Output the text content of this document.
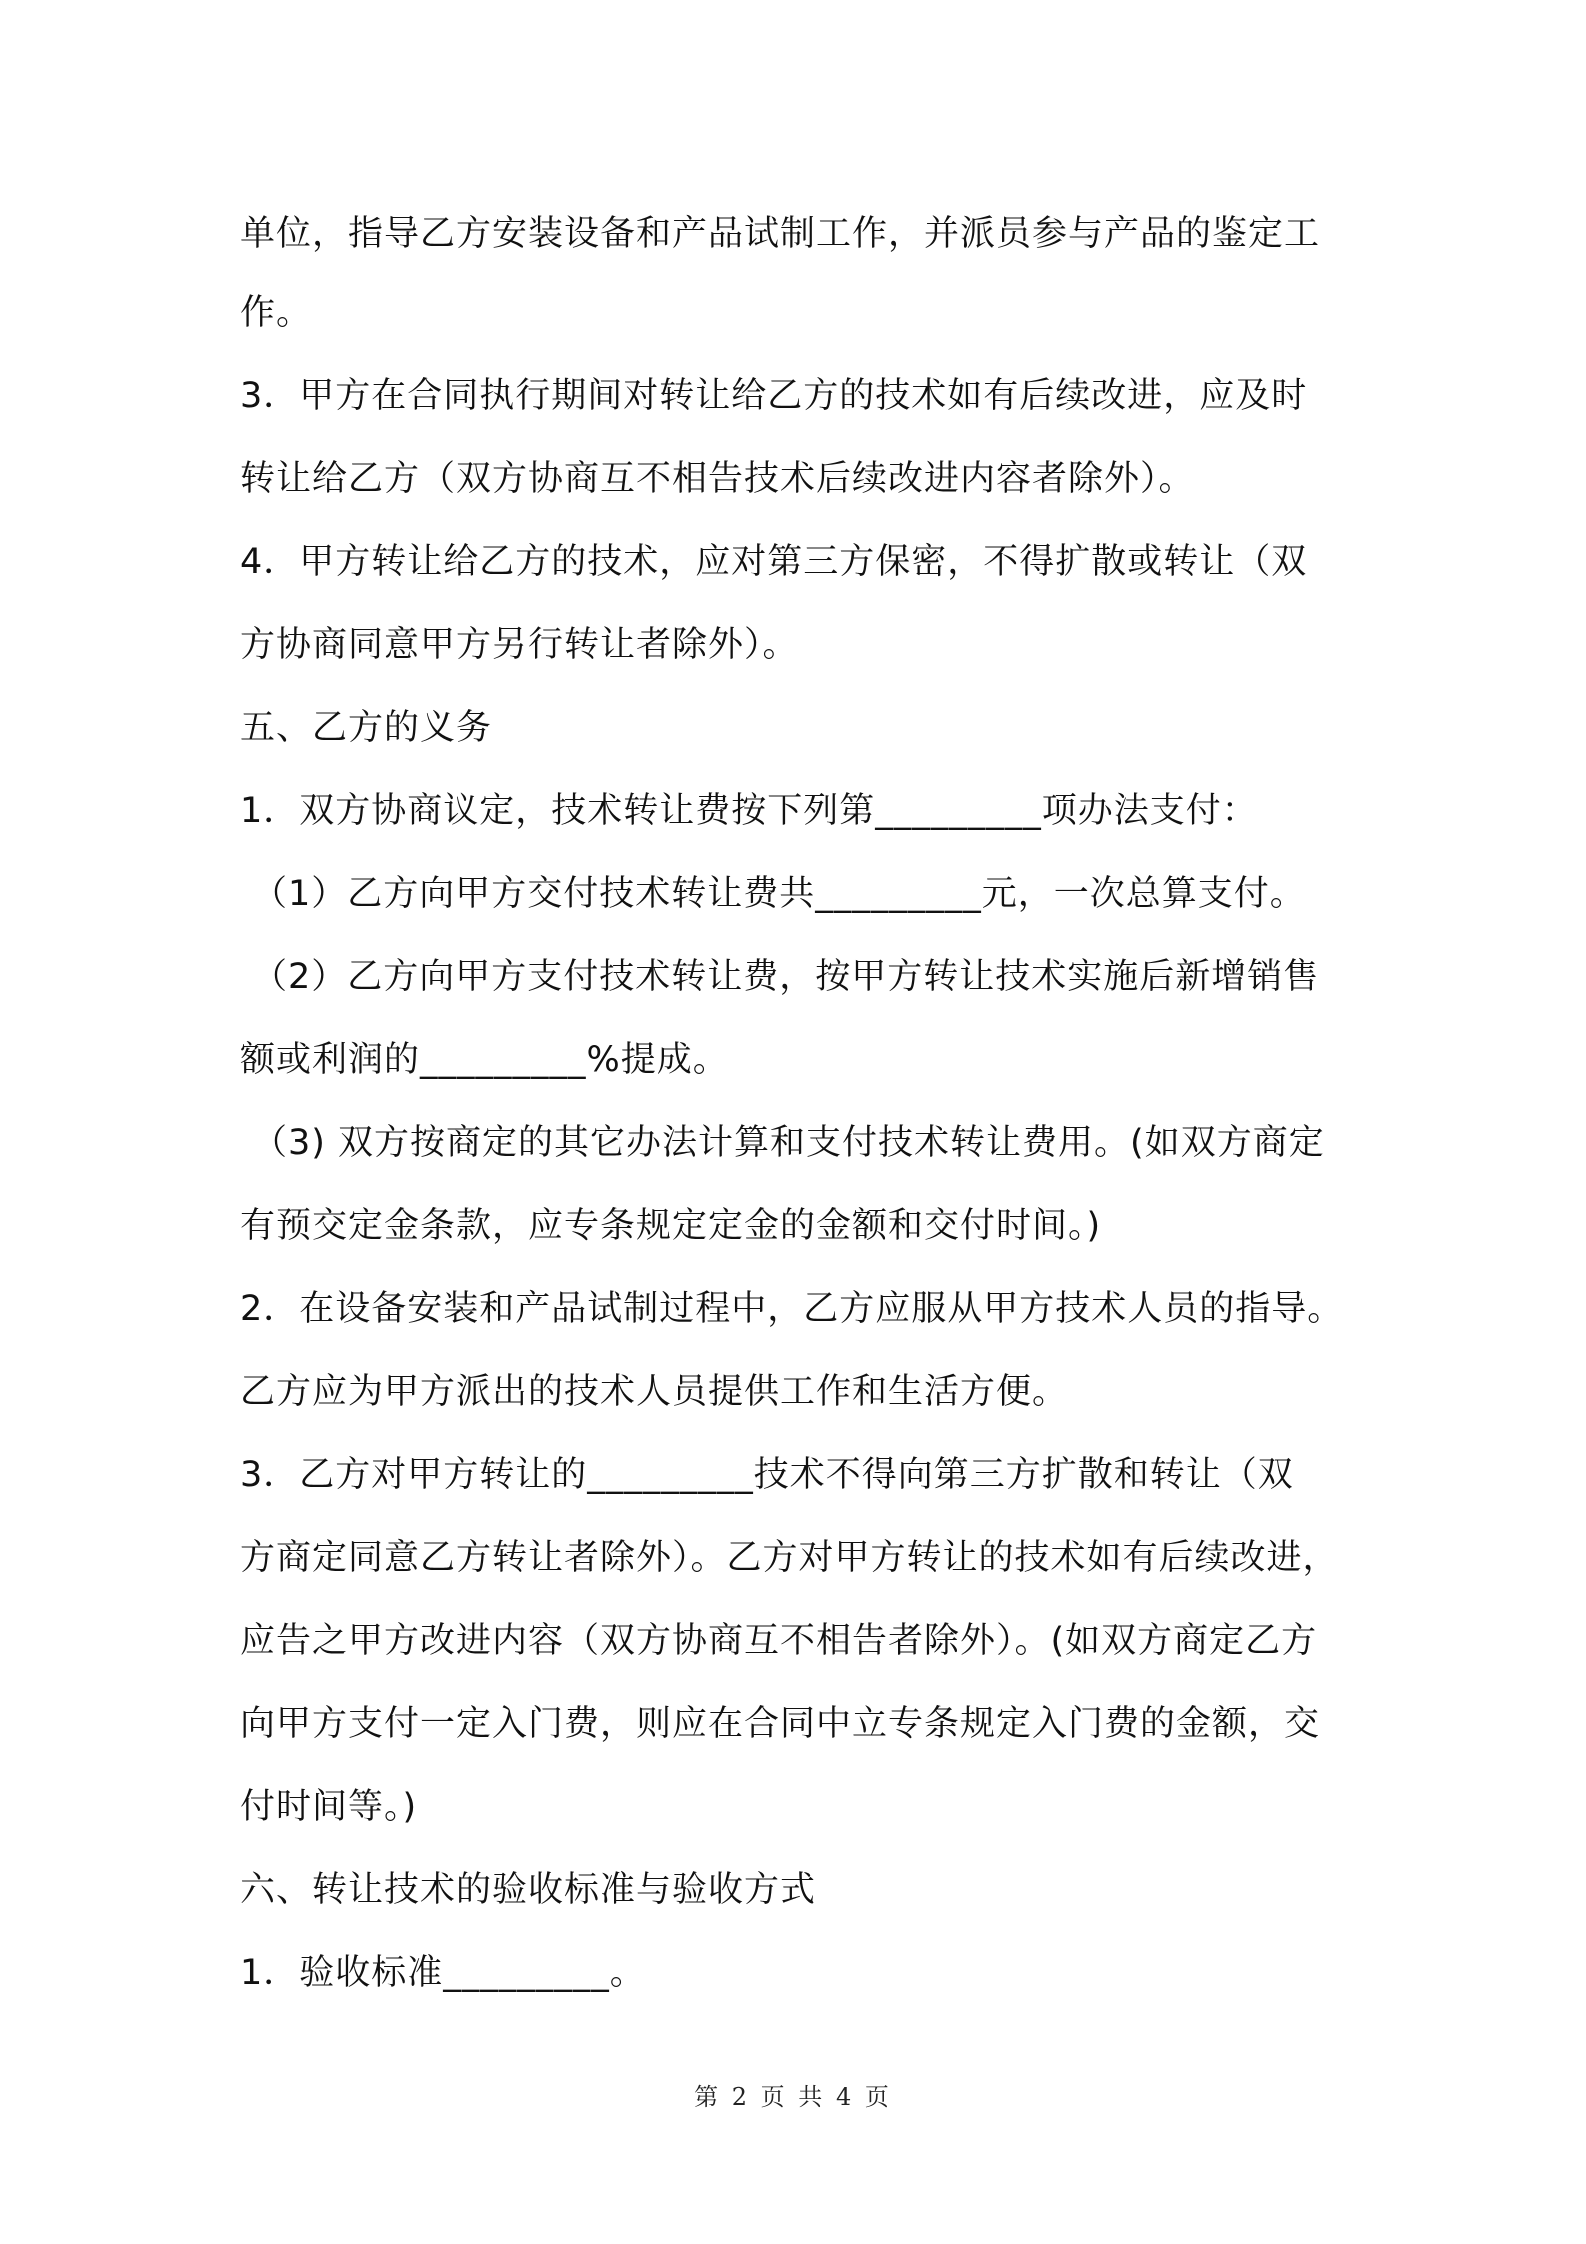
单位，指导乙方安装设备和产品试制工作，并派员参与产品的鉴定工
作。
3．甲方在合同执行期间对转让给乙方的技术如有后续改进，应及时
转让给乙方（双方协商互不相告技术后续改进内容者除外）。
4．甲方转让给乙方的技术，应对第三方保密，不得扩散或转让（双
方协商同意甲方另行转让者除外）。
五、乙方的义务
1．双方协商议定，技术转让费按下列第_________项办法支付：
（1）乙方向甲方交付技术转让费共_________元，一次总算支付。
（2）乙方向甲方支付技术转让费，按甲方转让技术实施后新增销售
额或利润的_________%提成。
（3) 双方按商定的其它办法计算和支付技术转让费用。(如双方商定
有预交定金条款，应专条规定定金的金额和交付时间。)
2．在设备安装和产品试制过程中，乙方应服从甲方技术人员的指导。
乙方应为甲方派出的技术人员提供工作和生活方便。
3．乙方对甲方转让的_________技术不得向第三方扩散和转让（双
方商定同意乙方转让者除外）。乙方对甲方转让的技术如有后续改进，
应告之甲方改进内容（双方协商互不相告者除外）。(如双方商定乙方
向甲方支付一定入门费，则应在合同中立专条规定入门费的金额，交
付时间等。)
六、转让技术的验收标准与验收方式
1．验收标准_________。
第 2 页 共 4 页
